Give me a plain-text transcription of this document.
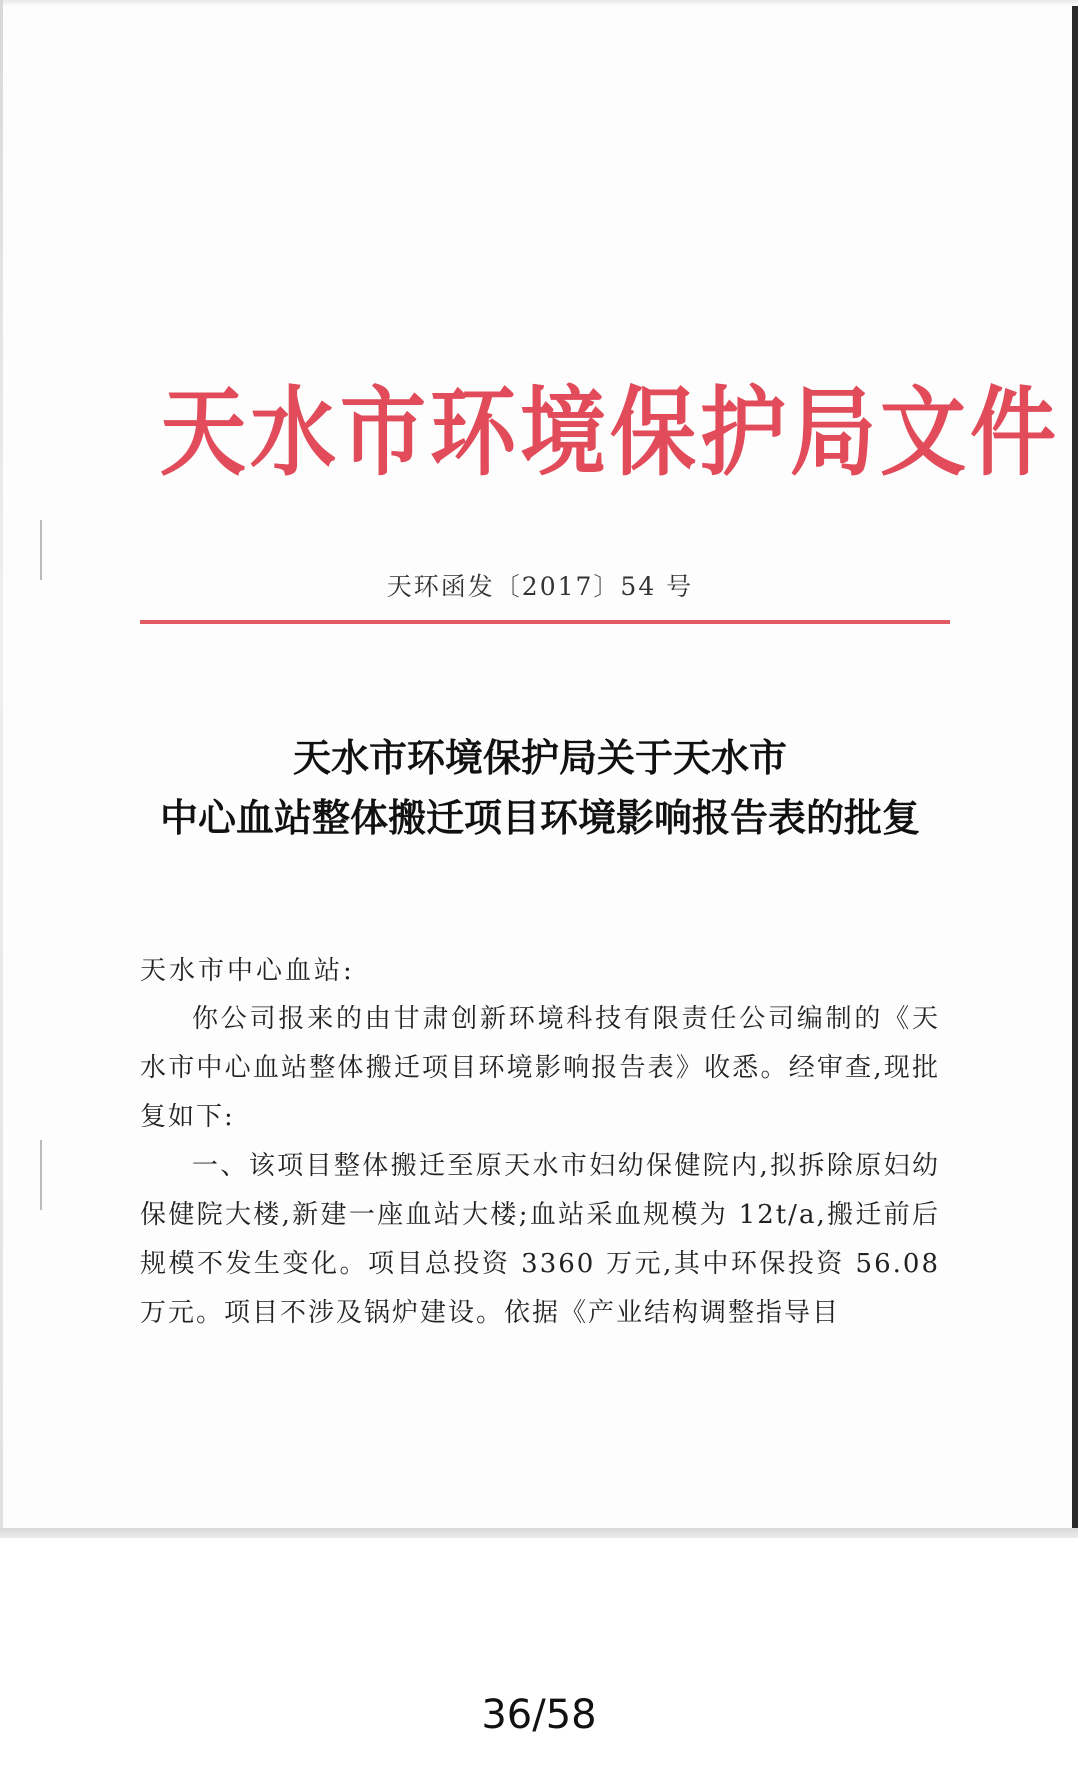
天水市环境保护局文件
天环函发〔2017〕54 号
天水市环境保护局关于天水市
中心血站整体搬迁项目环境影响报告表的批复
天水市中心血站:

你公司报来的由甘肃创新环境科技有限责任公司编制的《天水市中心血站整体搬迁项目环境影响报告表》收悉。经审查,现批复如下:

一、该项目整体搬迁至原天水市妇幼保健院内,拟拆除原妇幼保健院大楼,新建一座血站大楼;血站采血规模为 12t/a,搬迁前后规模不发生变化。项目总投资 3360 万元,其中环保投资 56.08 万元。项目不涉及锅炉建设。依据《产业结构调整指导目

36/58
